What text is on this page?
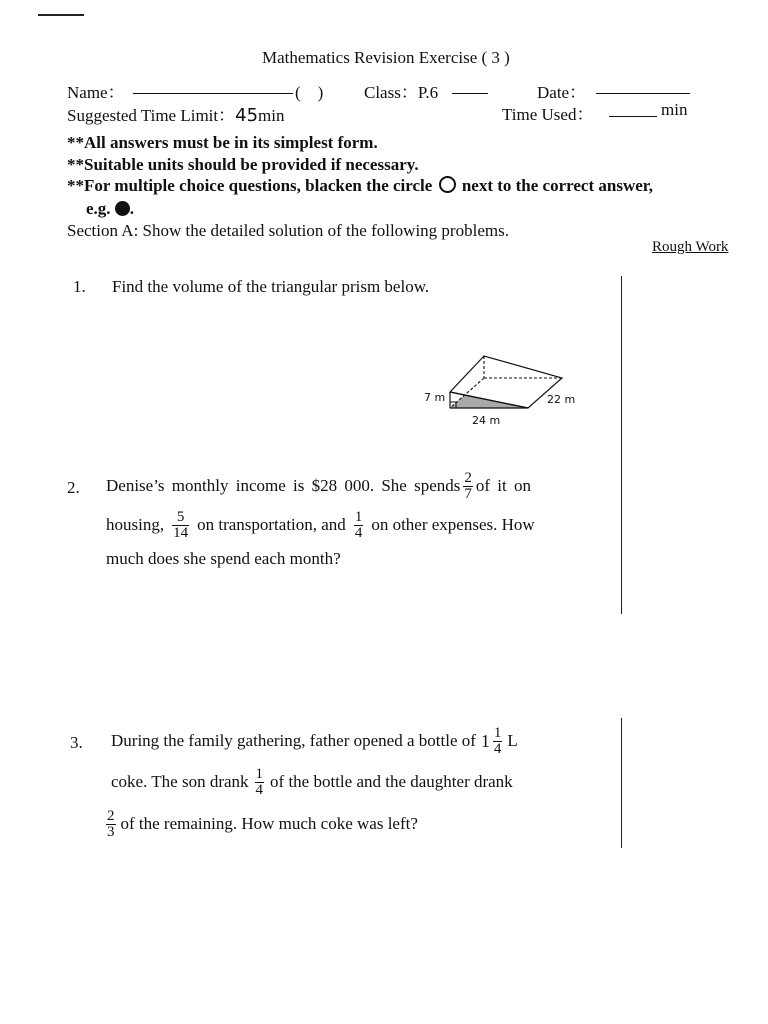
Mathematics Revision Exercise ( 3 )
Name：	(　) Class：P.6	Date：
Suggested Time Limit：45min	Time Used：	min
**All answers must be in its simplest form.
**Suitable units should be provided if necessary.
**For multiple choice questions, blacken the circle next to the correct answer,
e.g. .
Section A: Show the detailed solution of the following problems.
Rough Work
1. Find the volume of the triangular prism below.
7 m
24 m
22 m
2. Denise’s monthly income is $28 000. She spends $\frac{2}{7}$ of it on
housing, $\frac{5}{14}$ on transportation, and $\frac{1}{4}$ on other expenses. How
much does she spend each month?
3. During the family gathering, father opened a bottle of $1 \frac{1}{4}$ L
coke. The son drank $\frac{1}{4}$ of the bottle and the daughter drank
$\frac{2}{3}$ of the remaining. How much coke was left?
